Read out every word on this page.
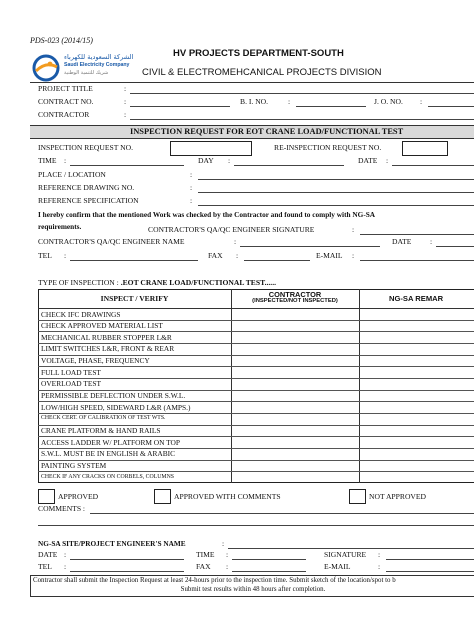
PDS-023 (2014/15)
الشركة السعودية للكهرباء
Saudi Electricity Company
شريك للتنمية الوطنية
HV PROJECTS DEPARTMENT-SOUTH
CIVIL & ELECTROMEHCANICAL PROJECTS DIVISION
PROJECT TITLE	:
CONTRACT NO.	:	B. I. NO.	:	J. O. NO. :
CONTRACTOR	:
INSPECTION REQUEST FOR EOT CRANE LOAD/FUNCTIONAL TEST
INSPECTION REQUEST NO.	RE-INSPECTION REQUEST NO.
TIME :	DAY :	DATE :
PLACE / LOCATION	:
REFERENCE DRAWING NO.	:
REFERENCE SPECIFICATION	:
I hereby confirm that the mentioned Work was checked by the Contractor and found to comply with NG-SA
requirements.	CONTRACTOR'S QA/QC ENGINEER SIGNATURE	:
CONTRACTOR'S QA/QC ENGINEER NAME	:	DATE :
TEL :	FAX :	E-MAIL :
TYPE OF INSPECTION : .EOT CRANE LOAD/FUNCTIONAL TEST......
INSPECT / VERIFY	CONTRACTOR
(INSPECTED/NOT INSPECTED)	NG-SA REMAR
CHECK IFC DRAWINGS
CHECK APPROVED MATERIAL LIST
MECHANICAL RUBBER STOPPER L&R
LIMIT SWITCHES L&R, FRONT & REAR
VOLTAGE, PHASE, FREQUENCY
FULL LOAD TEST
OVERLOAD TEST
PERMISSIBLE DEFLECTION UNDER S.W.L.
LOW/HIGH SPEED, SIDEWARD L&R (AMPS.)
CHECK CERT. OF CALIBRATION OF TEST WTS.
CRANE PLATFORM & HAND RAILS
ACCESS LADDER W/ PLATFORM ON TOP
S.W.L. MUST BE IN ENGLISH & ARABIC
PAINTING SYSTEM
CHECK IF ANY CRACKS ON CORBELS, COLUMNS
APPROVED	APPROVED WITH COMMENTS	NOT APPROVED
COMMENTS :
NG-SA SITE/PROJECT ENGINEER'S NAME	:
DATE :	TIME :	SIGNATURE :
TEL :	FAX :	E-MAIL	:
Contractor shall submit the Inspection Request at least 24-hours prior to the inspection time. Submit sketch of the location/spot to b
Submit test results within 48 hours after completion.
